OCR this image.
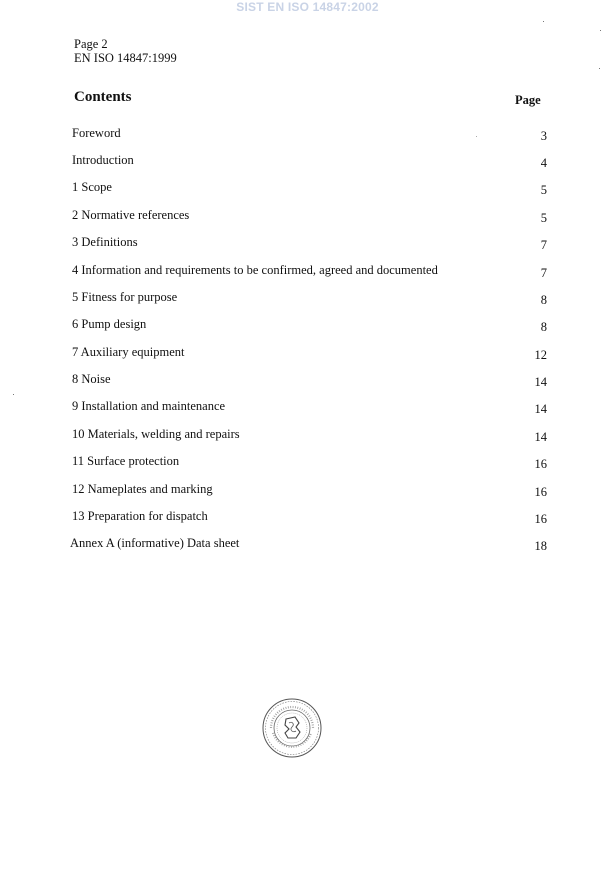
SIST EN ISO 14847:2002
Page 2
EN ISO 14847:1999
Contents	Page
Foreword	3
Introduction	4
1 Scope	5
2 Normative references	5
3 Definitions	7
4 Information and requirements to be confirmed, agreed and documented	7
5 Fitness for purpose	8
6 Pump design	8
7 Auxiliary equipment	12
8 Noise	14
9 Installation and maintenance	14
10 Materials, welding and repairs	14
11 Surface protection	16
12 Nameplates and marking	16
13 Preparation for dispatch	16
Annex A (informative) Data sheet	18
